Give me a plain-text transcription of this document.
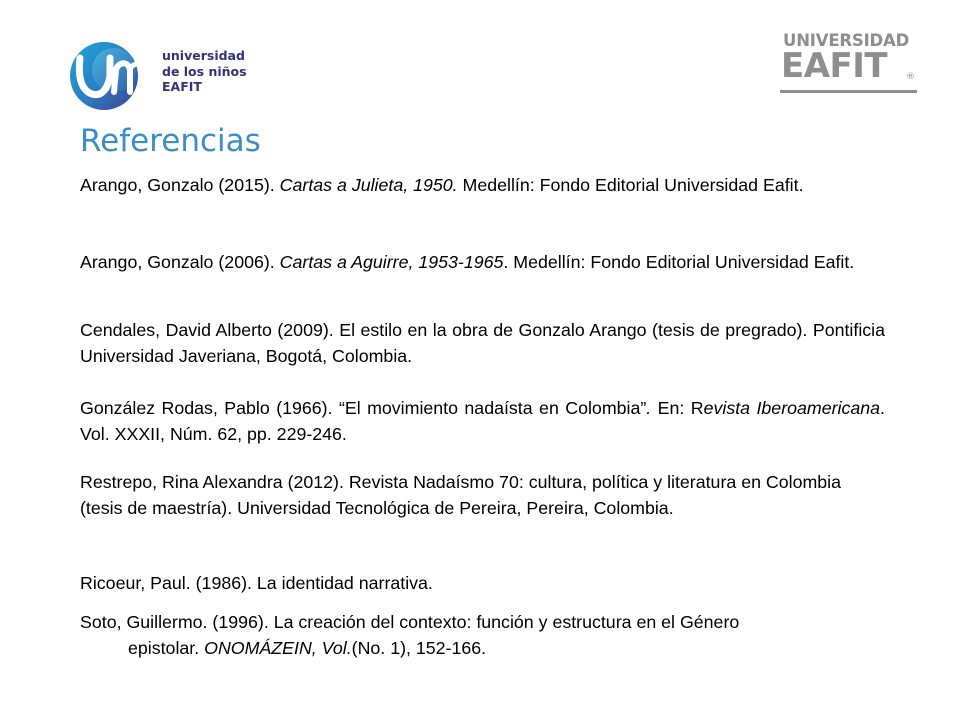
universidad
de los niños
EAFIT
UNIVERSIDAD
EAFIT ®
Referencias
Arango, Gonzalo (2015). Cartas a Julieta, 1950. Medellín: Fondo Editorial Universidad Eafit.
Arango, Gonzalo (2006). Cartas a Aguirre, 1953-1965. Medellín: Fondo Editorial Universidad Eafit.
Cendales, David Alberto (2009). El estilo en la obra de Gonzalo Arango (tesis de pregrado). Pontificia Universidad Javeriana, Bogotá, Colombia.
González Rodas, Pablo (1966). “El movimiento nadaísta en Colombia”. En: Revista Iberoamericana. Vol. XXXII, Núm. 62, pp. 229-246.
Restrepo, Rina Alexandra (2012). Revista Nadaísmo 70: cultura, política y literatura en Colombia (tesis de maestría). Universidad Tecnológica de Pereira, Pereira, Colombia.
Ricoeur, Paul. (1986). La identidad narrativa.
Soto, Guillermo. (1996). La creación del contexto: función y estructura en el Género
epistolar. ONOMÁZEIN, Vol.(No. 1), 152-166.
